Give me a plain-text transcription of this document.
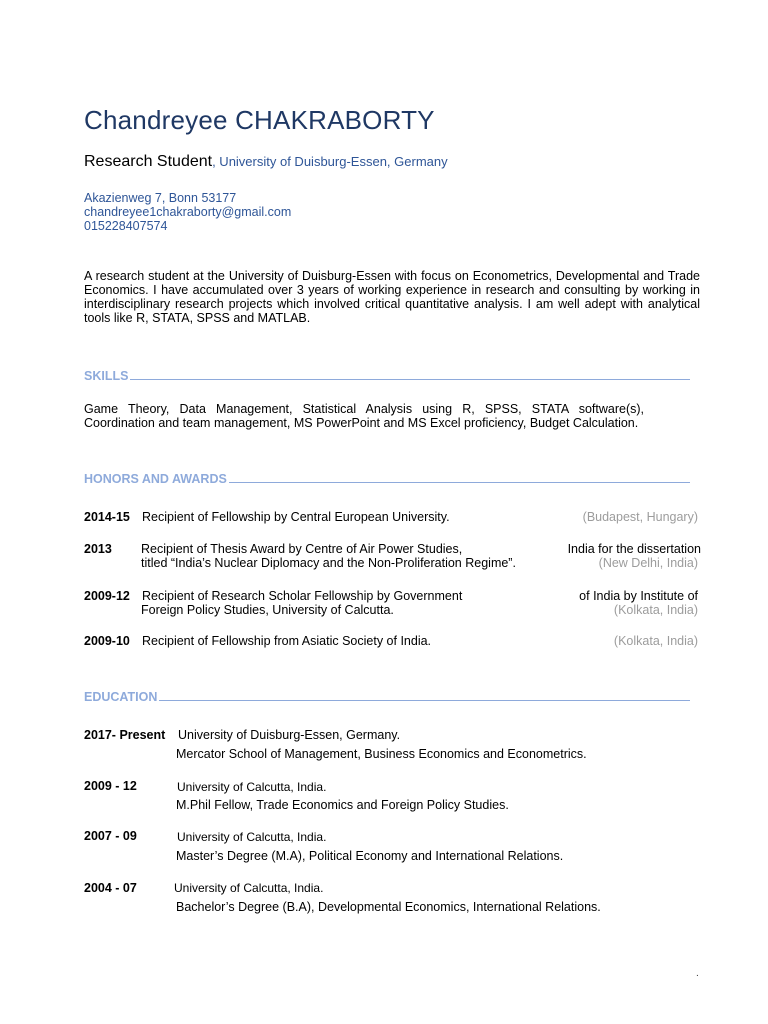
Chandreyee CHAKRABORTY
Research Student, University of Duisburg-Essen, Germany
Akazienweg 7, Bonn 53177
chandreyee1chakraborty@gmail.com
015228407574
A research student at the University of Duisburg-Essen with focus on Econometrics, Developmental and Trade Economics. I have accumulated over 3 years of working experience in research and consulting by working in interdisciplinary research projects which involved critical quantitative analysis. I am well adept with analytical tools like R, STATA, SPSS and MATLAB.
SKILLS
Game Theory, Data Management, Statistical Analysis using R, SPSS, STATA software(s), Coordination and team management, MS PowerPoint and MS Excel proficiency, Budget Calculation.
HONORS AND AWARDS
2014-15 Recipient of Fellowship by Central European University.	(Budapest, Hungary)
2013 Recipient of Thesis Award by Centre of Air Power Studies,	India for the dissertation
titled “India’s Nuclear Diplomacy and the Non-Proliferation Regime”.	(New Delhi, India)
2009-12 Recipient of Research Scholar Fellowship by Government	of India by Institute of
Foreign Policy Studies, University of Calcutta.	(Kolkata, India)
2009-10 Recipient of Fellowship from Asiatic Society of India.	(Kolkata, India)
EDUCATION
2017- Present University of Duisburg-Essen, Germany.
Mercator School of Management, Business Economics and Econometrics.
2009 - 12	University of Calcutta, India.
M.Phil Fellow, Trade Economics and Foreign Policy Studies.
2007 - 09	University of Calcutta, India.
Master’s Degree (M.A), Political Economy and International Relations.
2004 - 07	University of Calcutta, India.
Bachelor’s Degree (B.A), Developmental Economics, International Relations.
.
